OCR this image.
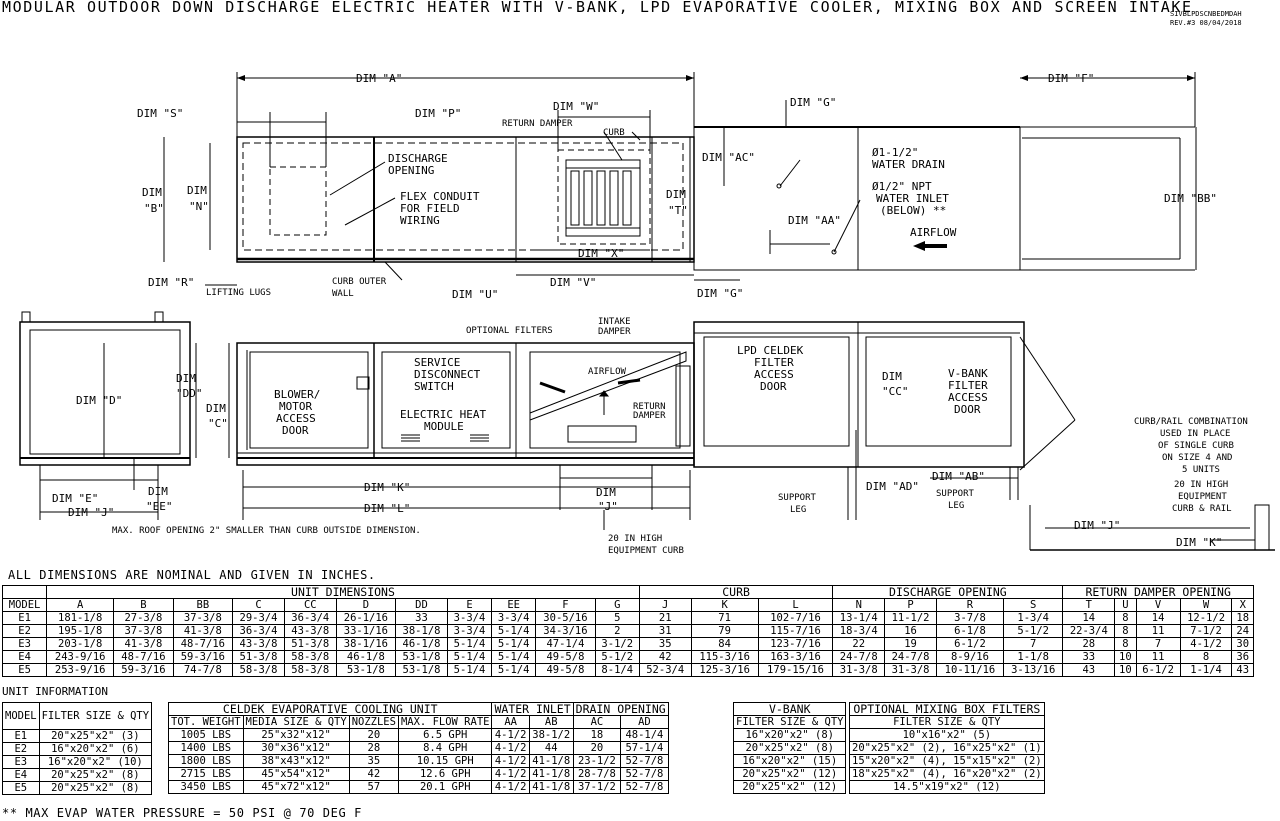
MODULAR OUTDOOR DOWN DISCHARGE ELECTRIC HEATER WITH V-BANK, LPD EVAPORATIVE COOLER, MIXING BOX AND SCREEN INTAKE
SIVBLPDSCNBEDMDAH
REV.#3 08/04/2018
DIM "A"	DIM "F"
DIM "S"	DIM "P"
DIM "W"	DIM "G"
RETURN DAMPER
CURB
DIM
"B"
DIM
"N"
DISCHARGE
OPENING
FLEX CONDUIT
FOR FIELD
WIRING
DIM
"T"
DIM "X"
DIM "AC"	Ø1-1/2"
WATER DRAIN
Ø1/2" NPT
WATER INLET
(BELOW) **
DIM "AA"
AIRFLOW
DIM "BB"
DIM "R"
LIFTING LUGS
CURB OUTER
WALL	DIM "U"
DIM "V"
DIM "G"
DIM "D"
DIM
"DD"
DIM
"C"
BLOWER/
MOTOR
ACCESS
DOOR
SERVICE
DISCONNECT
SWITCH
ELECTRIC HEAT
MODULE
OPTIONAL FILTERS
INTAKE
DAMPER
AIRFLOW
RETURN
DAMPER
LPD CELDEK
FILTER
ACCESS
DOOR
DIM
"CC"
V-BANK
FILTER
ACCESS
DOOR
CURB/RAIL COMBINATION
USED IN PLACE
OF SINGLE CURB
ON SIZE 4 AND
5 UNITS
20 IN HIGH
EQUIPMENT
CURB & RAIL
DIM "E"
DIM
"EE"
DIM "J"
DIM "K"
DIM "L"
DIM
"J"
SUPPORT
LEG
DIM "AD"
DIM "AB"
SUPPORT
LEG
DIM "J"
DIM "K"
MAX. ROOF OPENING 2" SMALLER THAN CURB OUTSIDE DIMENSION.
20 IN HIGH
EQUIPMENT CURB
ALL DIMENSIONS ARE NOMINAL AND GIVEN IN INCHES.
	UNIT DIMENSIONS											CURB			DISCHARGE OPENING				RETURN DAMPER OPENING				
MODEL	A	B	BB	C	CC	D	DD	E	EE	F	G	J	K	L	N	P	R	S	T	U	V	W	X
E1	181-1/8	27-3/8	37-3/8	29-3/4	36-3/4	26-1/16	33	3-3/4	3-3/4	30-5/16	5	21	71	102-7/16	13-1/4	11-1/2	3-7/8	1-3/4	14	8	14	12-1/2	18
E2	195-1/8	37-3/8	41-3/8	36-3/4	43-3/8	33-1/16	38-1/8	3-3/4	5-1/4	34-3/16	2	31	79	115-7/16	18-3/4	16	6-1/8	5-1/2	22-3/4	8	11	7-1/2	24
E3	203-1/8	41-3/8	48-7/16	43-3/8	51-3/8	38-1/16	46-1/8	5-1/4	5-1/4	47-1/4	3-1/2	35	84	123-7/16	22	19	6-1/2	7	28	8	7	4-1/2	30
E4	243-9/16	48-7/16	59-3/16	51-3/8	58-3/8	46-1/8	53-1/8	5-1/4	5-1/4	49-5/8	5-1/2	42	115-3/16	163-3/16	24-7/8	24-7/8	8-9/16	1-1/8	33	10	11	8	36
E5	253-9/16	59-3/16	74-7/8	58-3/8	58-3/8	53-1/8	53-1/8	5-1/4	5-1/4	49-5/8	8-1/4	52-3/4	125-3/16	179-15/16	31-3/8	31-3/8	10-11/16	3-13/16	43	10	6-1/2	1-1/4	43
UNIT INFORMATION
MODEL	FILTER SIZE & QTY
E1	20"x25"x2" (3)
E2	16"x20"x2" (6)
E3	16"x20"x2" (10)
E4	20"x25"x2" (8)
E5	20"x25"x2" (8)
CELDEK EVAPORATIVE COOLING UNIT				WATER INLET		DRAIN OPENING	
TOT. WEIGHT	MEDIA SIZE & QTY	NOZZLES	MAX. FLOW RATE	AA	AB	AC	AD
1005 LBS	25"x32"x12"	20	6.5 GPH	4-1/2	38-1/2	18	48-1/4
1400 LBS	30"x36"x12"	28	8.4 GPH	4-1/2	44	20	57-1/4
1800 LBS	38"x43"x12"	35	10.15 GPH	4-1/2	41-1/8	23-1/2	52-7/8
2715 LBS	45"x54"x12"	42	12.6 GPH	4-1/2	41-1/8	28-7/8	52-7/8
3450 LBS	45"x72"x12"	57	20.1 GPH	4-1/2	41-1/8	37-1/2	52-7/8
V-BANK
FILTER SIZE & QTY
16"x20"x2" (8)
20"x25"x2" (8)
16"x20"x2" (15)
20"x25"x2" (12)
20"x25"x2" (12)
OPTIONAL MIXING BOX FILTERS
FILTER SIZE & QTY
10"x16"x2" (5)
20"x25"x2" (2), 16"x25"x2" (1)
15"x20"x2" (4), 15"x15"x2" (2)
18"x25"x2" (4), 16"x20"x2" (2)
14.5"x19"x2" (12)
** MAX EVAP WATER PRESSURE = 50 PSI @ 70 DEG F
